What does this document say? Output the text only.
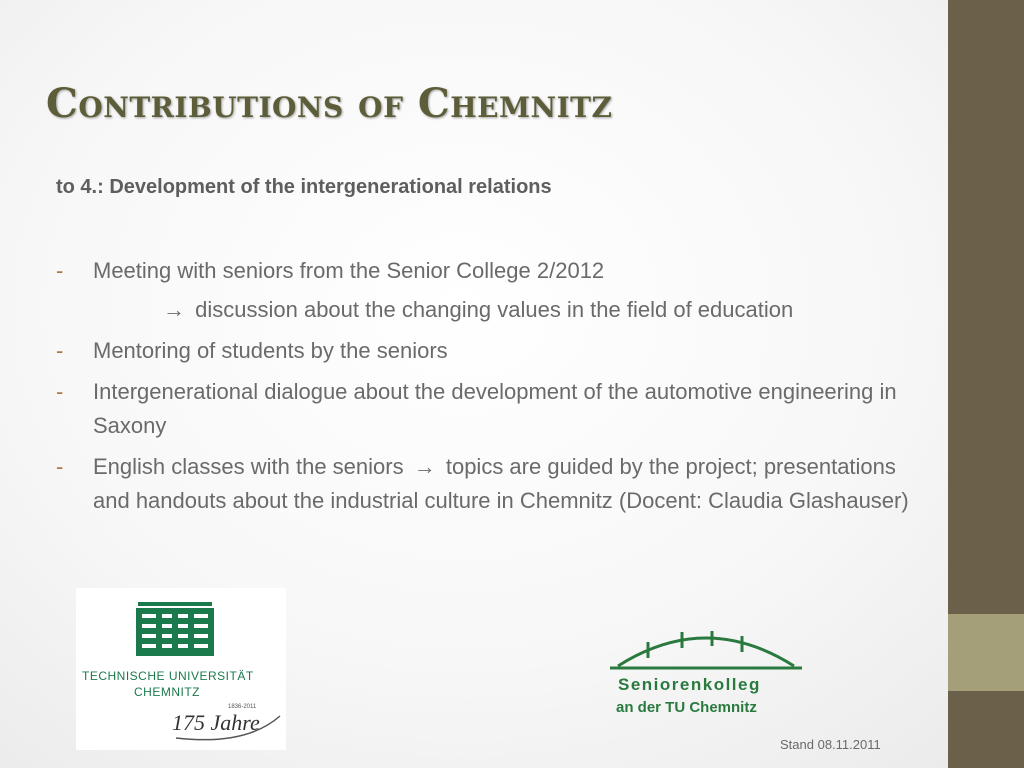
Contributions of Chemnitz
to 4.: Development of the intergenerational relations
- Meeting with seniors from the Senior College 2/2012
→ discussion about the changing values in the field of education
- Mentoring of students by the seniors
- Intergenerational dialogue about the development of the automotive engineering in Saxony
- English classes with the seniors → topics are guided by the project; presentations and handouts about the industrial culture in Chemnitz (Docent: Claudia Glashauser)
TECHNISCHE UNIVERSITÄT
CHEMNITZ
1836-2011
175 Jahre
Seniorenkolleg
an der TU Chemnitz
Stand 08.11.2011
